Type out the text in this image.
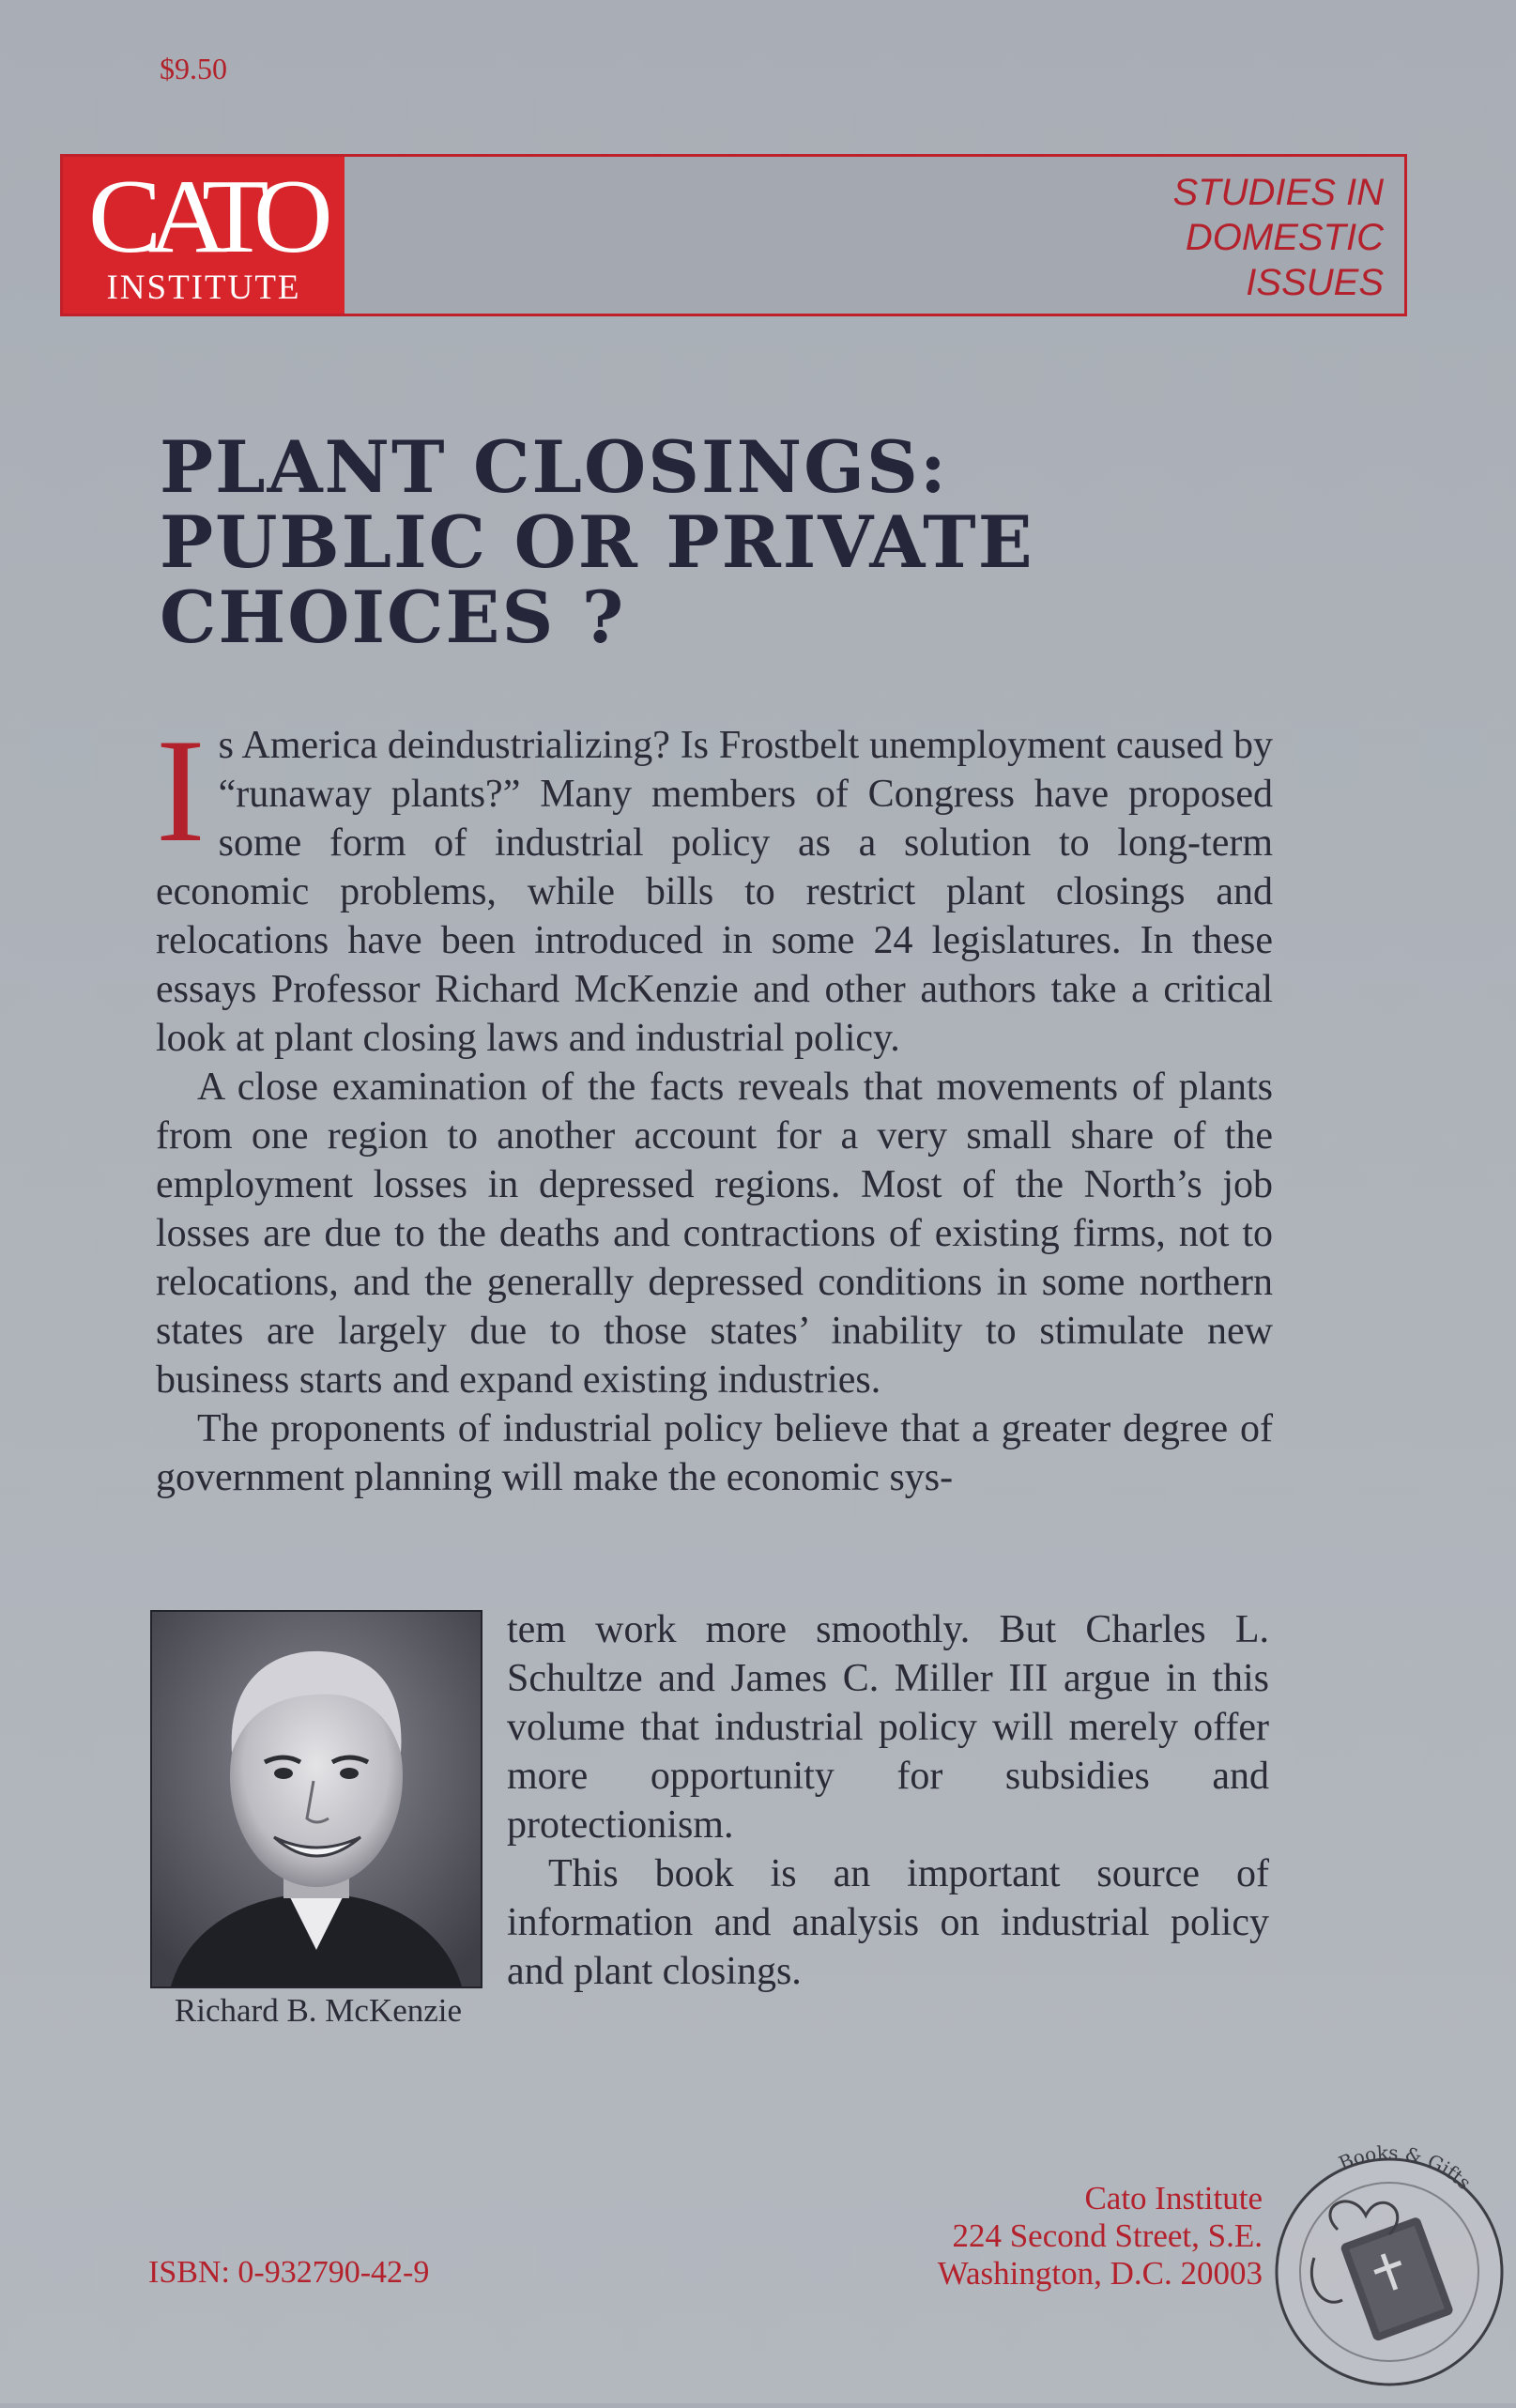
$9.50
CATO
INSTITUTE
STUDIES IN
DOMESTIC
ISSUES
PLANT CLOSINGS:
PUBLIC OR PRIVATE
CHOICES ?

I s America deindustrializing? Is Frostbelt unemployment caused by “runaway plants?” Many members of Congress have proposed some form of industrial policy as a solution to long-term economic problems, while bills to restrict plant closings and relocations have been introduced in some 24 legislatures. In these essays Professor Richard McKenzie and other authors take a critical look at plant closing laws and industrial policy.

A close examination of the facts reveals that movements of plants from one region to another account for a very small share of the employment losses in depressed regions. Most of the North’s job losses are due to the deaths and contractions of existing firms, not to relocations, and the generally depressed conditions in some northern states are largely due to those states’ inability to stimulate new business starts and expand existing industries.

The proponents of industrial policy believe that a greater degree of government planning will make the economic sys-

Richard B. McKenzie

tem work more smoothly. But Charles L. Schultze and James C. Miller III argue in this volume that industrial policy will merely offer more opportunity for subsidies and protectionism.

This book is an important source of information and analysis on industrial policy and plant closings.

ISBN: 0-932790-42-9
Cato Institute
224 Second Street, S.E.
Washington, D.C. 20003
Books & Gifts
